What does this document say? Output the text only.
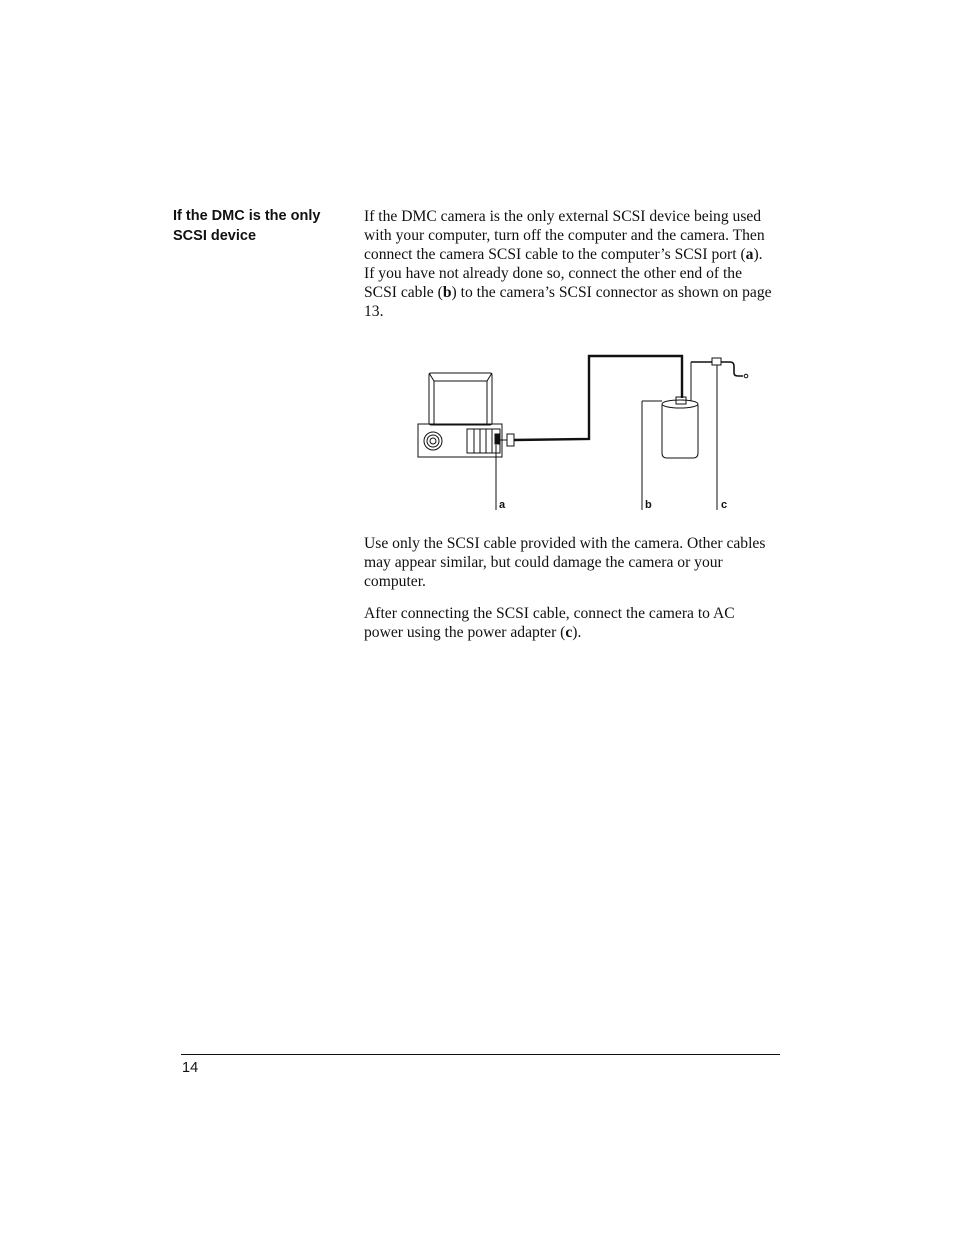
If the DMC is the only SCSI device

If the DMC camera is the only external SCSI device being used with your computer, turn off the computer and the camera. Then connect the camera SCSI cable to the computer’s SCSI port (a). If you have not already done so, connect the other end of the SCSI cable (b) to the camera’s SCSI connector as shown on page 13.

a	b	c

Use only the SCSI cable provided with the camera. Other cables may appear similar, but could damage the camera or your computer.

After connecting the SCSI cable, connect the camera to AC power using the power adapter (c).

14
